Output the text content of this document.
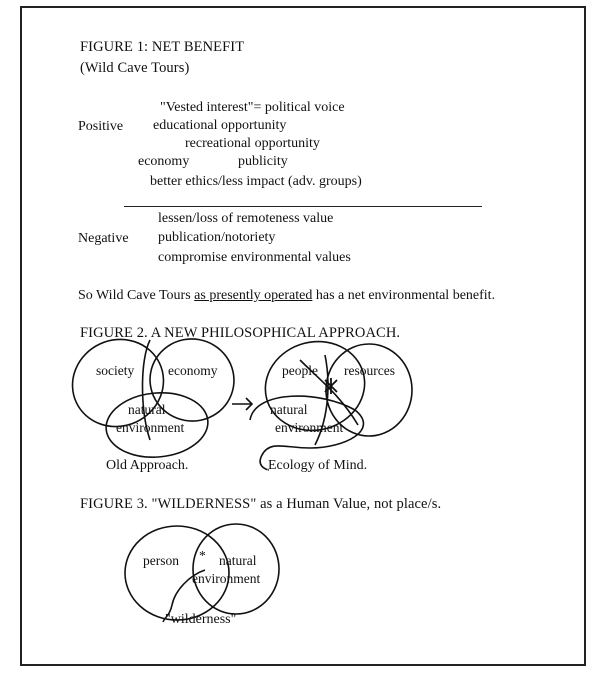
FIGURE 1: NET BENEFIT
(Wild Cave Tours)
"Vested interest"= political voice
Positive educational opportunity
recreational opportunity
economy	publicity
better ethics/less impact (adv. groups)
lessen/loss of remoteness value
Negative publication/notoriety
compromise environmental values
So Wild Cave Tours as presently operated has a net environmental benefit.
FIGURE 2. A NEW PHILOSOPHICAL APPROACH.
society	economy
natural
environment
Old Approach.
people resources
natural
environment
Ecology of Mind.
FIGURE 3. "WILDERNESS" as a Human Value, not place/s.
person * natural
environment
"wilderness"
